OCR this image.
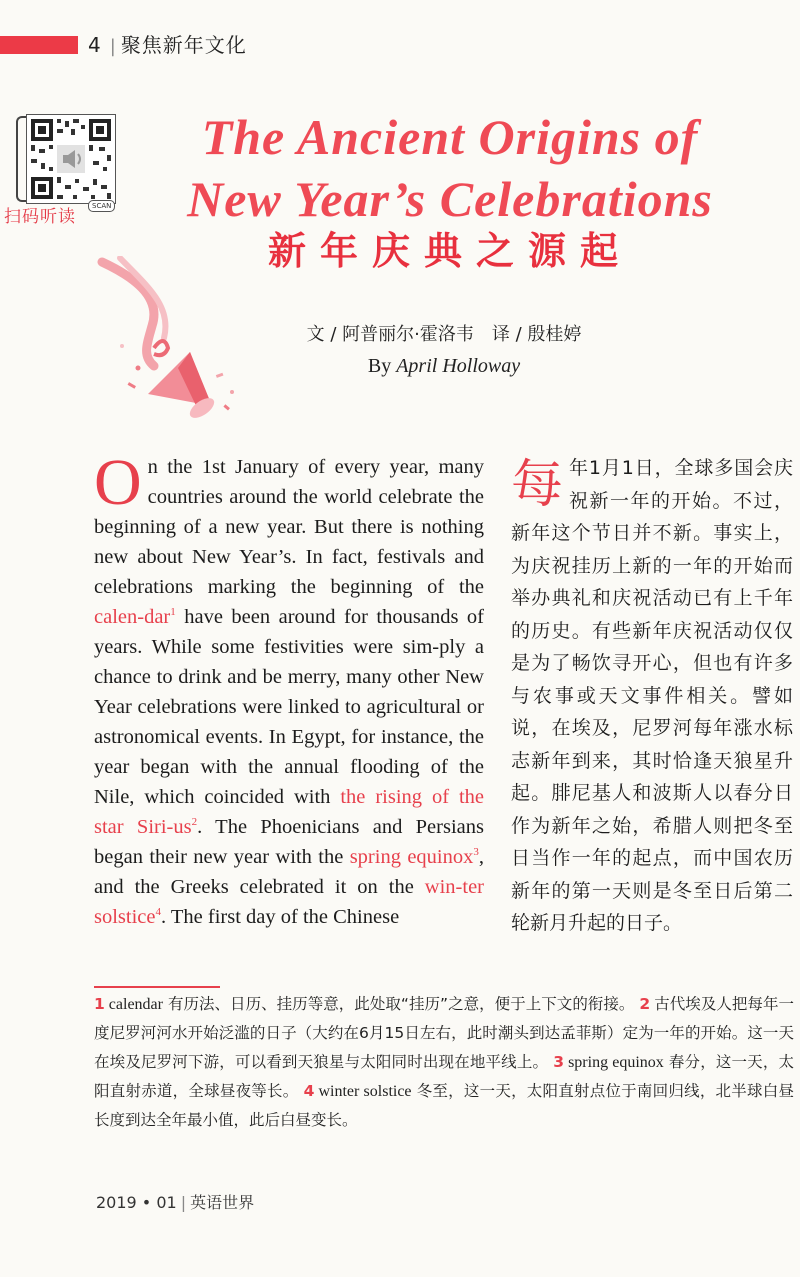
4 | 聚焦新年文化
SCAN
扫码听读
The Ancient Origins of
New Year’s Celebrations
新年庆典之源起
文 / 阿普丽尔·霍洛韦　译 / 殷桂婷
By April Holloway
On the 1st January of every year, many countries around the world celebrate the beginning of a new year. But there is nothing new about New Year’s. In fact, festivals and celebrations marking the beginning of the calen-dar$^1$ have been around for thousands of years. While some festivities were sim-ply a chance to drink and be merry, many other New Year celebrations were linked to agricultural or astronomical events. In Egypt, for instance, the year began with the annual flooding of the Nile, which coincided with the rising of the star Siri-$us^2$. The Phoenicians and Persians began their new year with the spring equinox$^3$, and the Greeks celebrated it on the win-ter solstice$^4$. The first day of the Chinese
每年1月1日，全球多国会庆祝新一年的开始。不过，新年这个节日并不新。事实上，为庆祝挂历上新的一年的开始而举办典礼和庆祝活动已有上千年的历史。有些新年庆祝活动仅仅是为了畅饮寻开心，但也有许多与农事或天文事件相关。譬如说，在埃及，尼罗河每年涨水标志新年到来，其时恰逢天狼星升起。腓尼基人和波斯人以春分日作为新年之始，希腊人则把冬至日当作一年的起点，而中国农历新年的第一天则是冬至日后第二轮新月升起的日子。
1 calendar 有历法、日历、挂历等意，此处取“挂历”之意，便于上下文的衔接。 2 古代埃及人把每年一度尼罗河河水开始泛滥的日子（大约在6月15日左右，此时潮头到达孟菲斯）定为一年的开始。这一天在埃及尼罗河下游，可以看到天狼星与太阳同时出现在地平线上。 3 spring equinox 春分，这一天，太阳直射赤道，全球昼夜等长。 4 winter solstice 冬至，这一天，太阳直射点位于南回归线，北半球白昼长度到达全年最小值，此后白昼变长。
2019 • 01 | 英语世界
